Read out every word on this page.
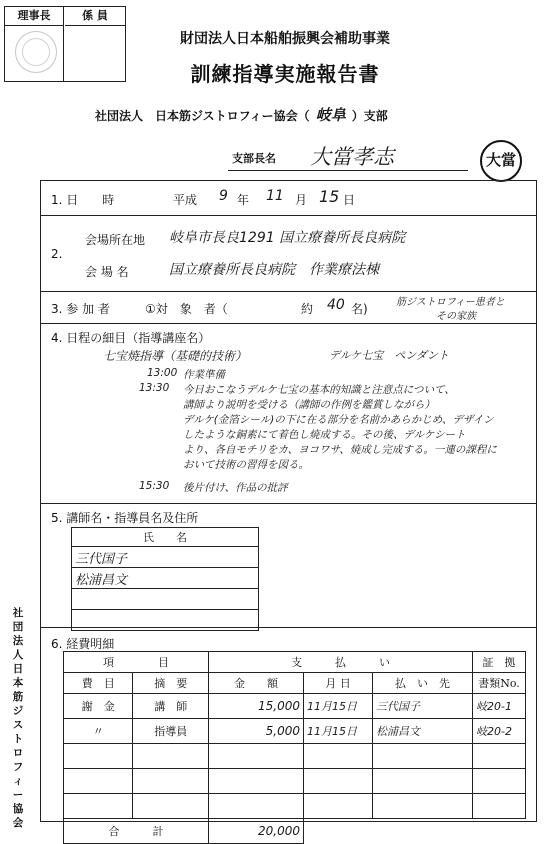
理事長	係 員
財団法人日本船舶振興会補助事業
訓練指導実施報告書
社団法人　日本筋ジストロフィー協会（ 岐阜 ）支部
支部長名 大當孝志	大當
1. 日　　時	平成 9 年 11 月 15 日
2.
会場所在地 岐阜市長良1291 国立療養所長良病院
会 場 名	国立療養所長良病院　作業療法棟
3. 参 加 者	①対　象　者（	約 40 名)	筋ジストロフィー患者と
その家族
4. 日程の細目（指導講座名）
七宝焼指導（基礎的技術）	デルケ七宝　ペンダント
13:00 作業準備
13:30	今日おこなうデルケ七宝の基本的知識と注意点について、
講師より説明を受ける（講師の作例を鑑賞しながら）
デルケ(金箔シール)の下に在る部分を名前かあらかじめ、デザイン
したような銅素にて着色し焼成する。その後、デルケシート
より、各自モチリをカ、ヨコワサ、焼成し完成する。一連の課程に
おいて技術の習得を図る。
15:30	後片付け、作品の批評
5. 講師名・指導員名及住所
氏　　名
三代国子
松浦昌文

6. 経費明細
項　　　　目		支　　　払　　　い			証　拠
費　目	摘　要	金　　額	月 日	払　い　先	書類No.
謝　金	講　師	15,000	11月15日	三代国子	岐20-1
〃	指導員	5,000	11月15日	松浦昌文	岐20-2

合　　　計		20,000			
社団法人日本筋ジストロフィー協会
